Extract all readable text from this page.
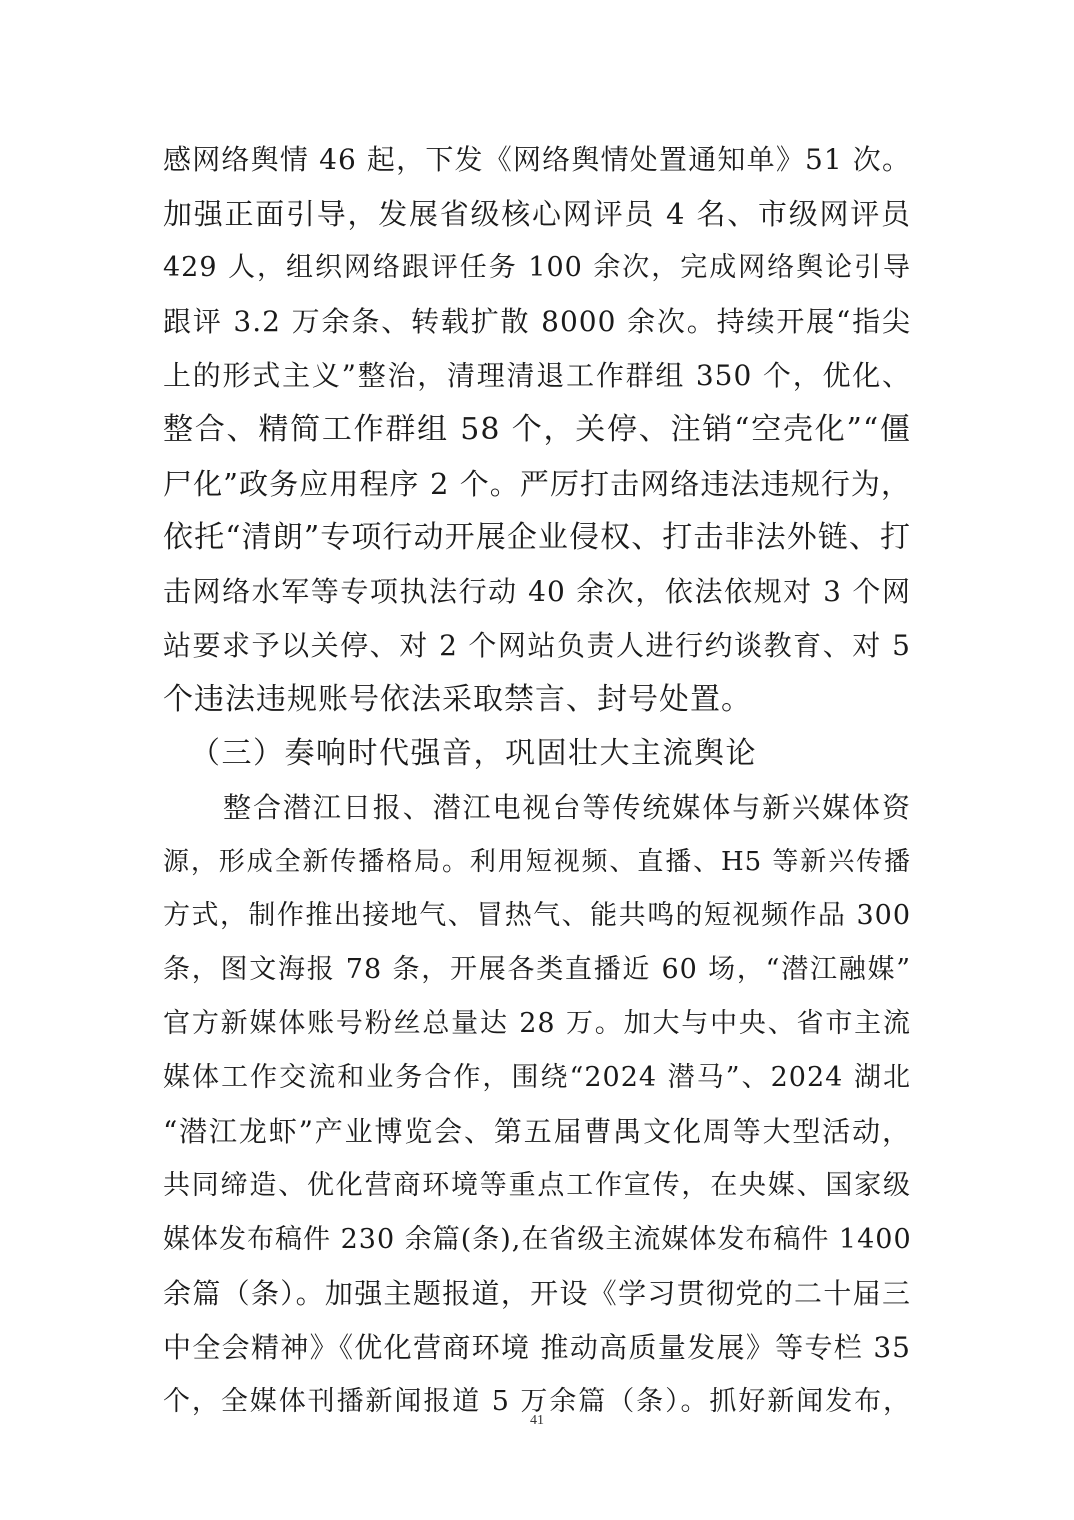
感网络舆情 46 起，下发《网络舆情处置通知单》51 次。
加强正面引导，发展省级核心网评员 4 名、市级网评员
429 人，组织网络跟评任务 100 余次，完成网络舆论引导
跟评 3.2 万余条、转载扩散 8000 余次。持续开展“指尖
上的形式主义”整治，清理清退工作群组 350 个，优化、
整合、精简工作群组 58 个，关停、注销“空壳化”“僵
尸化”政务应用程序 2 个。严厉打击网络违法违规行为，
依托“清朗”专项行动开展企业侵权、打击非法外链、打
击网络水军等专项执法行动 40 余次，依法依规对 3 个网
站要求予以关停、对 2 个网站负责人进行约谈教育、对 5
个违法违规账号依法采取禁言、封号处置。
（三）奏响时代强音，巩固壮大主流舆论
整合潜江日报、潜江电视台等传统媒体与新兴媒体资
源，形成全新传播格局。利用短视频、直播、H5 等新兴传播
方式，制作推出接地气、冒热气、能共鸣的短视频作品 300
条，图文海报 78 条，开展各类直播近 60 场，“潜江融媒”
官方新媒体账号粉丝总量达 28 万。加大与中央、省市主流
媒体工作交流和业务合作，围绕“2024 潜马”、2024 湖北
“潜江龙虾”产业博览会、第五届曹禺文化周等大型活动，
共同缔造、优化营商环境等重点工作宣传，在央媒、国家级
媒体发布稿件 230 余篇(条),在省级主流媒体发布稿件 1400
余篇（条）。加强主题报道，开设《学习贯彻党的二十届三
中全会精神》《优化营商环境 推动高质量发展》等专栏 35
个，全媒体刊播新闻报道 5 万余篇（条）。抓好新闻发布，
41
